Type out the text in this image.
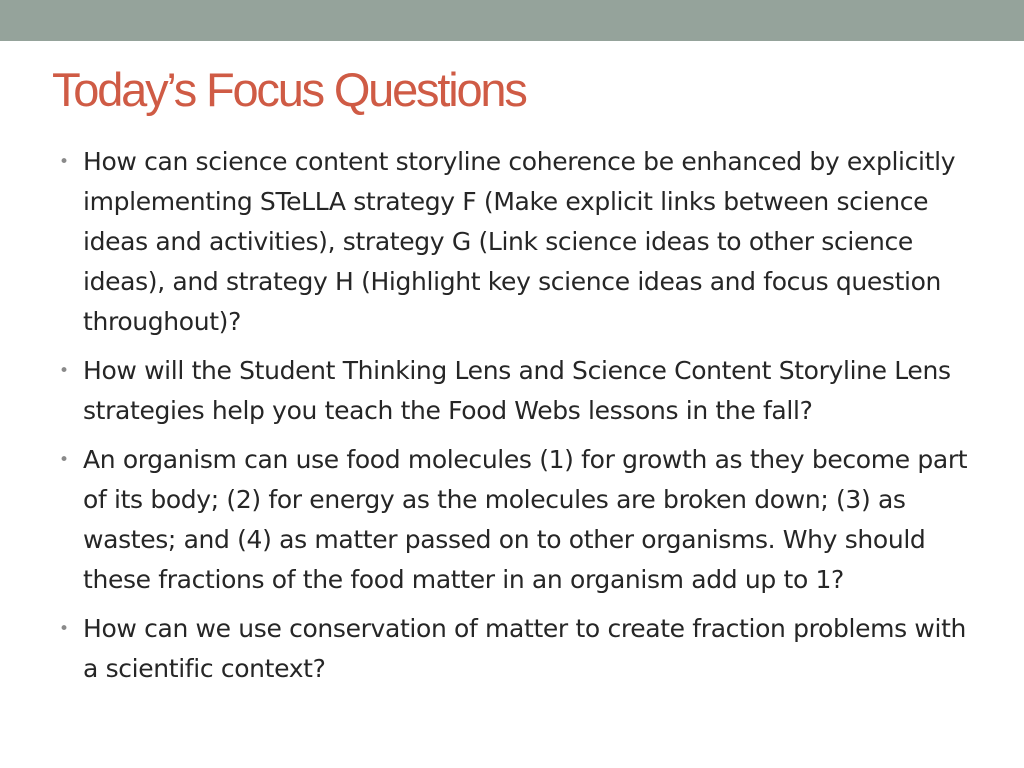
Today’s Focus Questions
• How can science content storyline coherence be enhanced by explicitly implementing STeLLA strategy F (Make explicit links between science ideas and activities), strategy G (Link science ideas to other science ideas), and strategy H (Highlight key science ideas and focus question throughout)?
• How will the Student Thinking Lens and Science Content Storyline Lens strategies help you teach the Food Webs lessons in the fall?
• An organism can use food molecules (1) for growth as they become part of its body; (2) for energy as the molecules are broken down; (3) as wastes; and (4) as matter passed on to other organisms. Why should these fractions of the food matter in an organism add up to 1?
• How can we use conservation of matter to create fraction problems with a scientific context?
